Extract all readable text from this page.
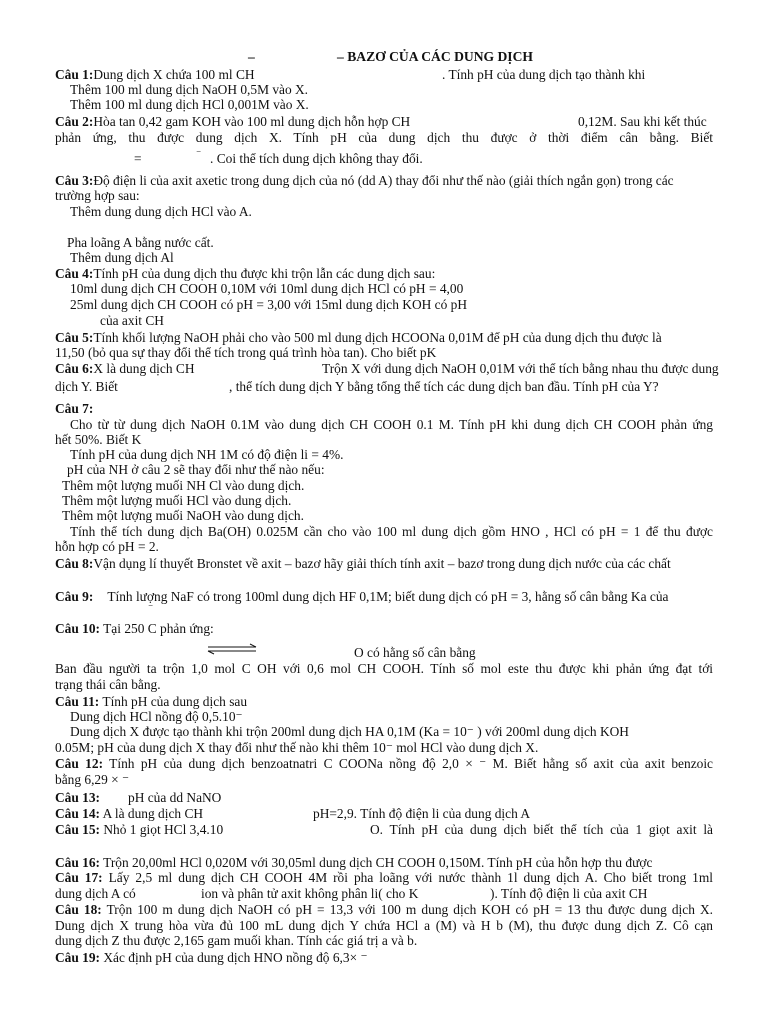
–	– BAZƠ CỦA CÁC DUNG DỊCH
Câu 1:Dung dịch X chứa 100 ml CH	. Tính pH của dung dịch tạo thành khi
Thêm 100 ml dung dịch NaOH 0,5M vào X.
Thêm 100 ml dung dịch HCl 0,001M vào X.
Câu 2:Hòa tan 0,42 gam KOH vào 100 ml dung dịch hỗn hợp CH	0,12M. Sau khi kết thúc
phản ứng, thu được dung dịch X. Tính pH của dung dịch thu được ở thời điểm cân bằng. Biết
=	⁻ . Coi thể tích dung dịch không thay đổi.
Câu 3:Độ điện li của axit axetic trong dung dịch của nó (dd A) thay đổi như thế nào (giải thích ngắn gọn) trong các
trường hợp sau:
Thêm dung dung dịch HCl vào A.
Pha loãng A bằng nước cất.
Thêm dung dịch Al
Câu 4:Tính pH của dung dịch thu được khi trộn lẫn các dung dịch sau:
10ml dung dịch CH COOH 0,10M với 10ml dung dịch HCl có pH = 4,00
25ml dung dịch CH COOH có pH = 3,00 với 15ml dung dịch KOH có pH
của axit CH
Câu 5:Tính khối lượng NaOH phải cho vào 500 ml dung dịch HCOONa 0,01M để pH của dung dịch thu được là
11,50 (bỏ qua sự thay đổi thể tích trong quá trình hòa tan). Cho biết pK
Câu 6:X là dung dịch CH	Trộn X với dung dịch NaOH 0,01M với thể tích bằng nhau thu được dung
dịch Y. Biết	, thể tích dung dịch Y bằng tổng thể tích các dung dịch ban đầu. Tính pH của Y?
Câu 7:
Cho từ từ dung dịch NaOH 0.1M vào dung dịch CH COOH 0.1 M. Tính pH khi dung dịch CH COOH phản ứng
hết 50%. Biết K
Tính pH của dung dịch NH 1M có độ điện li = 4%.
pH của NH ở câu 2 sẽ thay đổi như thế nào nếu:
Thêm một lượng muối NH Cl vào dung dịch.
Thêm một lượng muối HCl vào dung dịch.
Thêm một lượng muối NaOH vào dung dịch.
Tính thể tích dung dịch Ba(OH) 0.025M cần cho vào 100 ml dung dịch gồm HNO , HCl có pH = 1 để thu được
hỗn hợp có pH = 2.
Câu 8:Vận dụng lí thuyết Bronstet về axit – bazơ hãy giải thích tính axit – bazơ trong dung dịch nước của các chất
Câu 9: Tính lượng NaF có trong 100ml dung dịch HF 0,1M; biết dung dịch có pH = 3, hằng số cân bằng Ka của
⁻
Câu 10: Tại 250 C phản ứng:
O có hằng số cân bằng
Ban đầu người ta trộn 1,0 mol C OH với 0,6 mol CH COOH. Tính số mol este thu được khi phản ứng đạt tới
trạng thái cân bằng.
Câu 11: Tính pH của dung dịch sau
Dung dịch HCl nồng độ 0,5.10⁻
Dung dịch X được tạo thành khi trộn 200ml dung dịch HA 0,1M (Ka = 10⁻ ) với 200ml dung dịch KOH
0.05M; pH của dung dịch X thay đổi như thế nào khi thêm 10⁻ mol HCl vào dung dịch X.
Câu 12: Tính pH của dung dịch benzoatnatri C COONa nồng độ 2,0 × ⁻ M. Biết hằng số axit của axit benzoic
bằng 6,29 × ⁻
Câu 13: pH của dd NaNO
Câu 14: A là dung dịch CH	pH=2,9. Tính độ điện li của dung dịch A
Câu 15: Nhỏ 1 giọt HCl 3,4.10	O. Tính pH của dung dịch biết thể tích của 1 giọt axit là
Câu 16: Trộn 20,00ml HCl 0,020M với 30,05ml dung dịch CH COOH 0,150M. Tính pH của hỗn hợp thu được
Câu 17: Lấy 2,5 ml dung dịch CH COOH 4M rồi pha loãng với nước thành 1l dung dịch A. Cho biết trong 1ml
dung dịch A có	ion và phân tử axit không phân li( cho K	). Tính độ điện li của axit CH
Câu 18: Trộn 100 m dung dịch NaOH có pH = 13,3 với 100 m dung dịch KOH có pH = 13 thu được dung dịch X.
Dung dịch X trung hòa vừa đủ 100 mL dung dịch Y chứa HCl a (M) và H b (M), thu được dung dịch Z. Cô cạn
dung dịch Z thu được 2,165 gam muối khan. Tính các giá trị a và b.
Câu 19: Xác định pH của dung dịch HNO nồng độ 6,3× ⁻
